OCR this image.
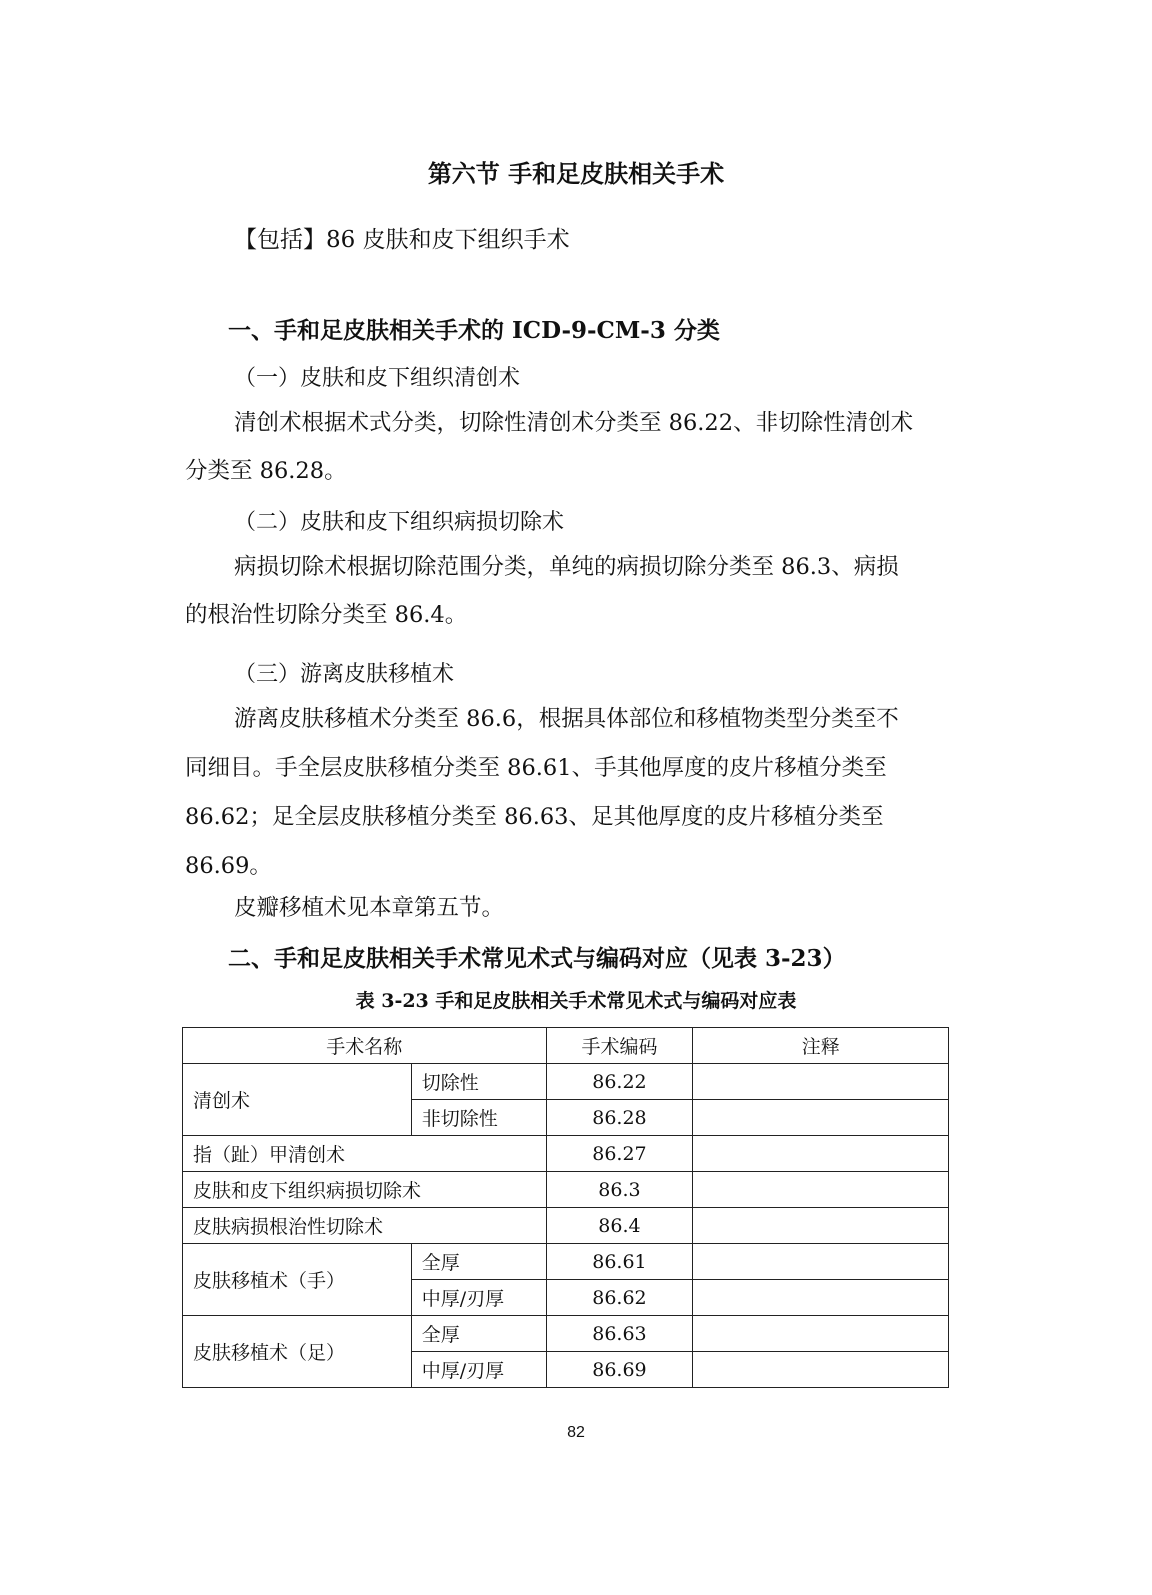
第六节 手和足皮肤相关手术
【包括】86 皮肤和皮下组织手术
一、手和足皮肤相关手术的 ICD-9-CM-3 分类
（一）皮肤和皮下组织清创术
清创术根据术式分类，切除性清创术分类至 86.22、非切除性清创术
分类至 86.28。
（二）皮肤和皮下组织病损切除术
病损切除术根据切除范围分类，单纯的病损切除分类至 86.3、病损
的根治性切除分类至 86.4。
（三）游离皮肤移植术
游离皮肤移植术分类至 86.6，根据具体部位和移植物类型分类至不
同细目。手全层皮肤移植分类至 86.61、手其他厚度的皮片移植分类至
86.62；足全层皮肤移植分类至 86.63、足其他厚度的皮片移植分类至
86.69。
皮瓣移植术见本章第五节。
二、手和足皮肤相关手术常见术式与编码对应（见表 3-23）
表 3-23 手和足皮肤相关手术常见术式与编码对应表
手术名称		手术编码	注释
清创术	切除性	86.22	
	非切除性	86.28	
指（趾）甲清创术		86.27	
皮肤和皮下组织病损切除术		86.3	
皮肤病损根治性切除术		86.4	
皮肤移植术（手）	全厚	86.61	
	中厚/刃厚	86.62	
皮肤移植术（足）	全厚	86.63	
	中厚/刃厚	86.69	
82
